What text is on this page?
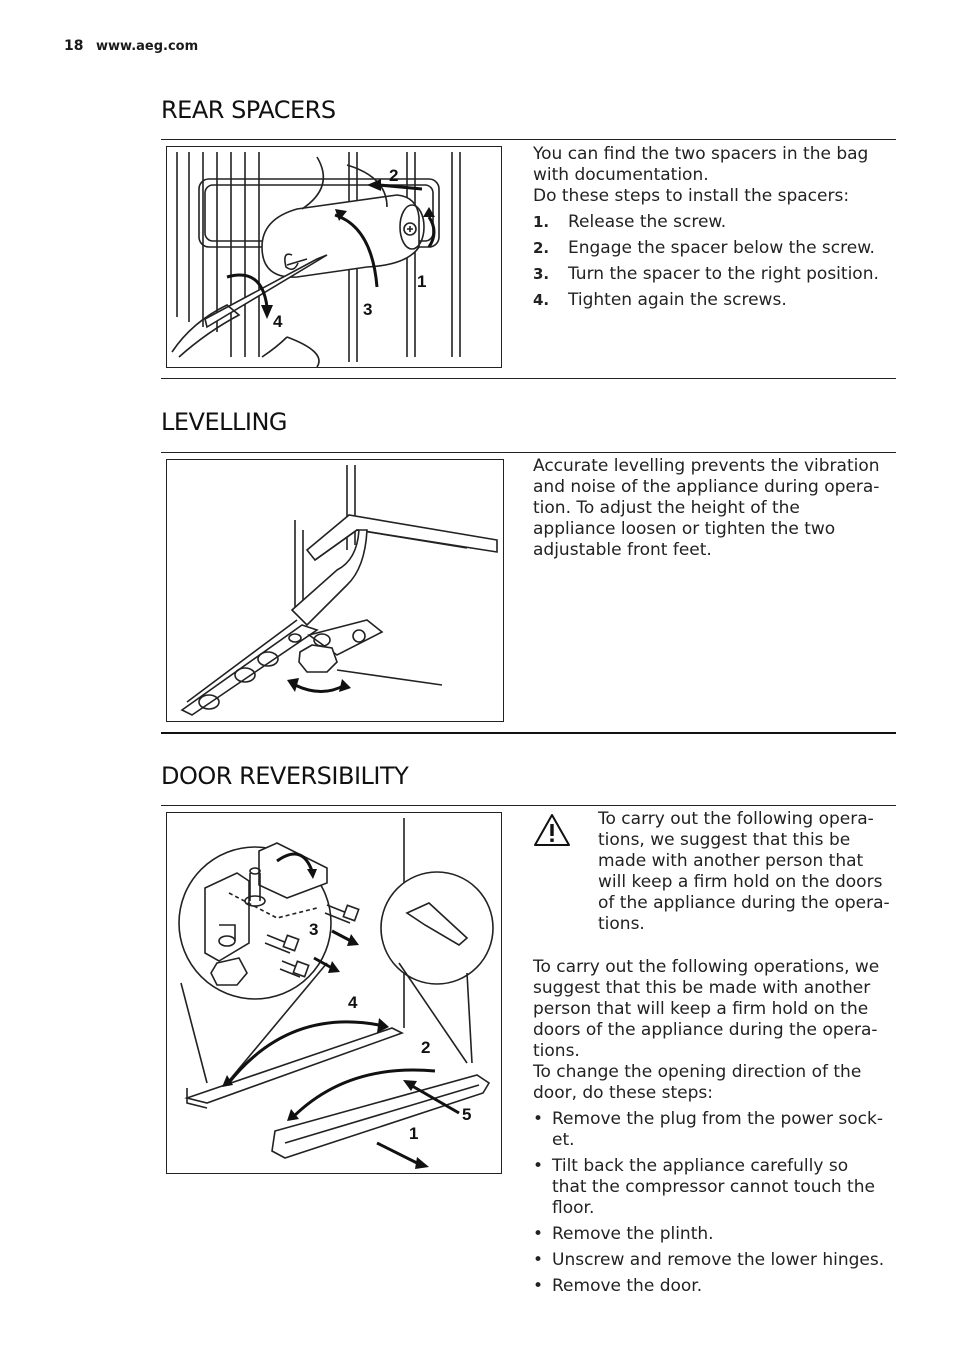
18 www.aeg.com
REAR SPACERS
1
2
3
4

You can find the two spacers in the bag with documentation.

Do these steps to install the spacers:

1. Release the screw.
2. Engage the spacer below the screw.
3. Turn the spacer to the right position.
4. Tighten again the screws.
LEVELLING
Accurate levelling prevents the vibration and noise of the appliance during opera-tion. To adjust the height of the appliance loosen or tighten the two adjustable front feet.
DOOR REVERSIBILITY
1
2
3
4
5
To carry out the following opera-tions, we suggest that this be made with another person that will keep a firm hold on the doors of the appliance during the opera-tions.

To carry out the following operations, we suggest that this be made with another person that will keep a firm hold on the doors of the appliance during the opera-tions.

To change the opening direction of the door, do these steps:

• Remove the plug from the power sock-et.
• Tilt back the appliance carefully so that the compressor cannot touch the floor.
• Remove the plinth.
• Unscrew and remove the lower hinges.
• Remove the door.
